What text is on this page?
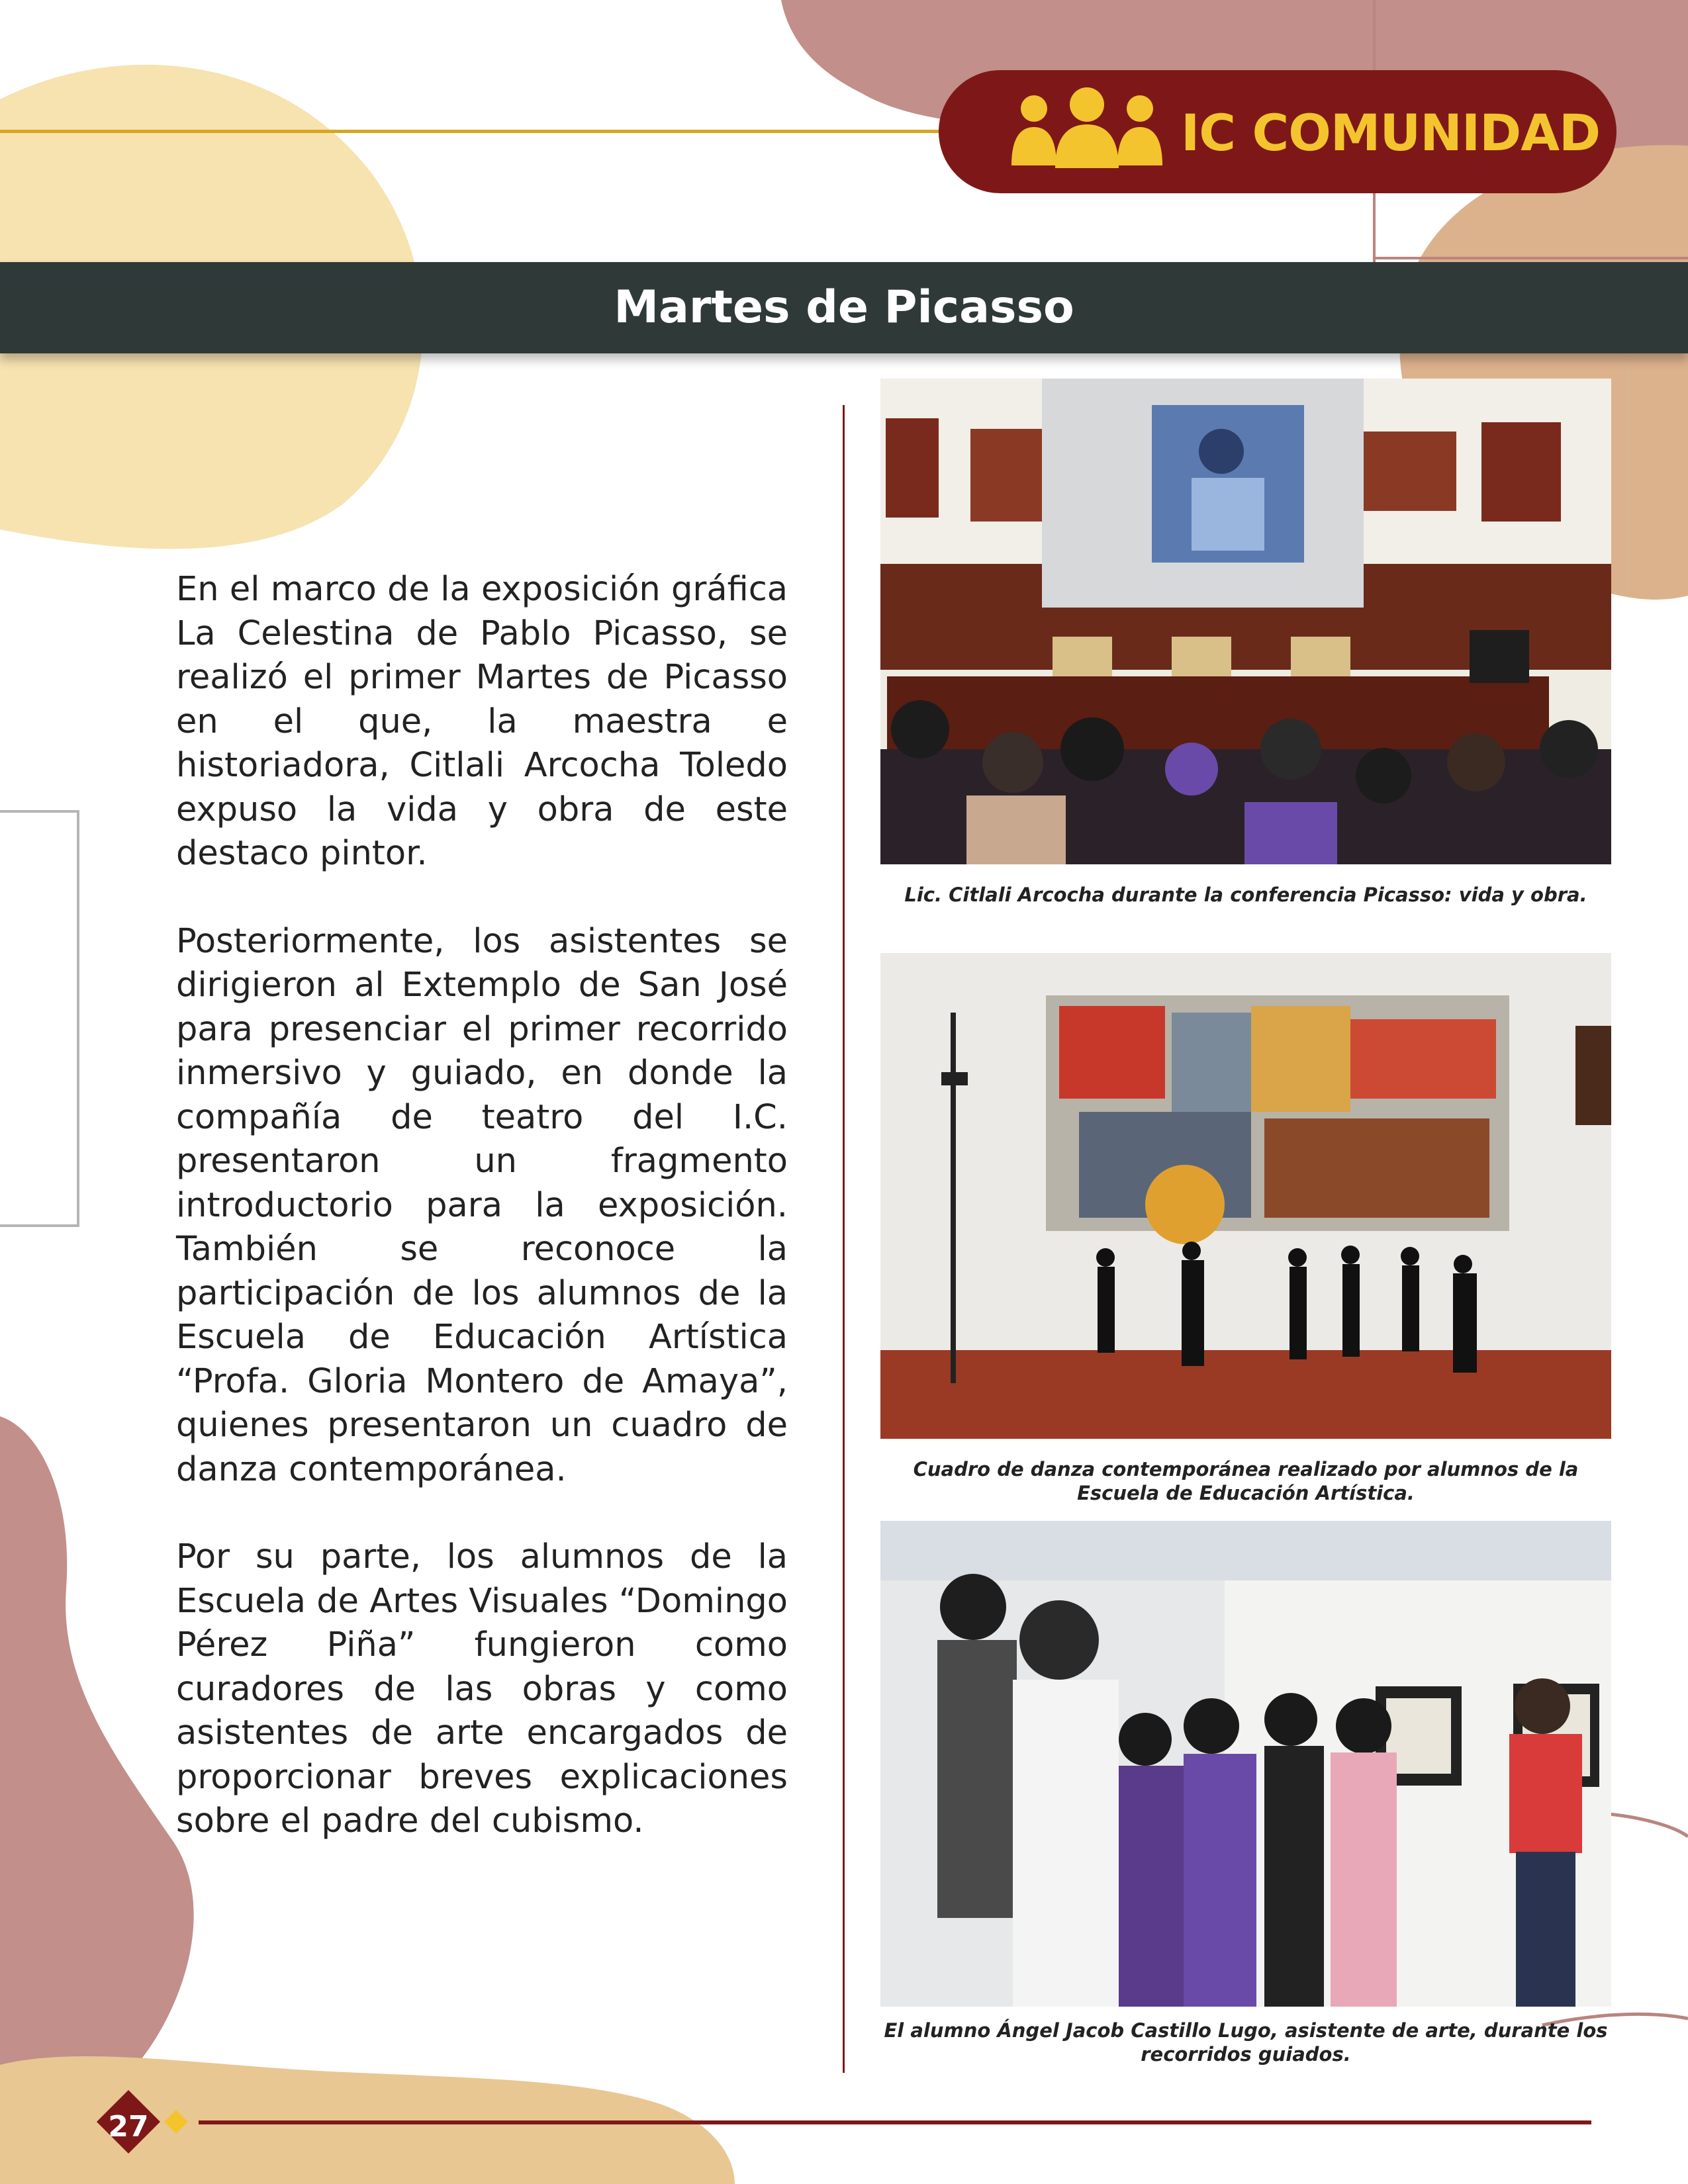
IC COMUNIDAD
Martes de Picasso

En el marco de la exposición gráfica La Celestina de Pablo Picasso, se realizó el primer Martes de Picasso en el que, la maestra e historiadora, Citlali Arcocha Toledo expuso la vida y obra de este destaco pintor.

Posteriormente, los asistentes se dirigieron al Extemplo de San José para presenciar el primer recorrido inmersivo y guiado, en donde la compañía de teatro del I.C. presentaron un fragmento introductorio para la exposición. También se reconoce la participación de los alumnos de la Escuela de Educación Artística “Profa. Gloria Montero de Amaya”, quienes presentaron un cuadro de danza contemporánea.

Por su parte, los alumnos de la Escuela de Artes Visuales “Domingo Pérez Piña” fungieron como curadores de las obras y como asistentes de arte encargados de proporcionar breves explicaciones sobre el padre del cubismo.

Lic. Citlali Arcocha durante la conferencia Picasso: vida y obra.
Cuadro de danza contemporánea realizado por alumnos de la Escuela de Educación Artística.
El alumno Ángel Jacob Castillo Lugo, asistente de arte, durante los recorridos guiados.
27
